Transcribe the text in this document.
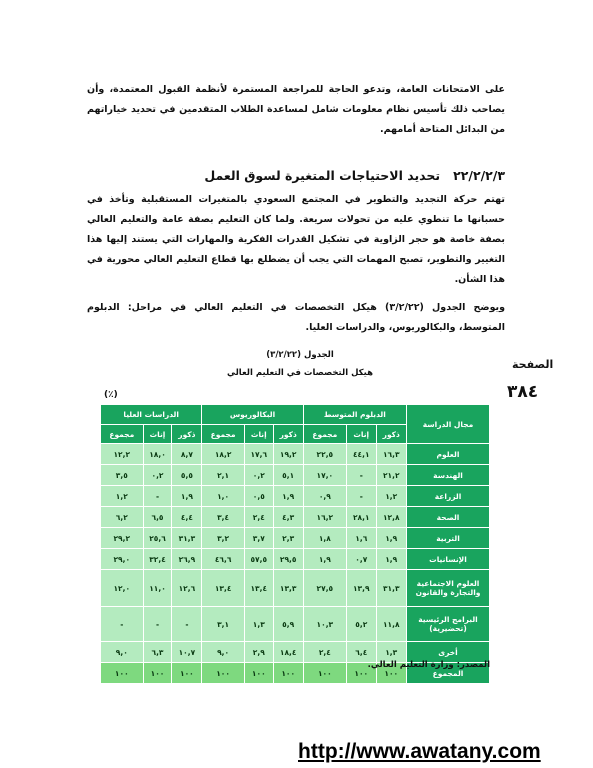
على الامتحانات العامة، وتدعو الحاجة للمراجعة المستمرة لأنظمة القبول المعتمدة، وأن يصاحب ذلك تأسيس نظام معلومات شامل لمساعدة الطلاب المتقدمين في تحديد خياراتهم من البدائل المتاحة أمامهم.
٢٢/٢/٢/٣   تحديد الاحتياجات المتغيرة لسوق العمل
تهتم حركة التجديد والتطوير في المجتمع السعودي بالمتغيرات المستقبلية وتأخذ في حسبانها ما تنطوي عليه من تحولات سريعة. ولما كان التعليم بصفة عامة والتعليم العالي بصفة خاصة هو حجر الزاوية في تشكيل القدرات الفكرية والمهارات التي يستند إليها هذا التغيير والتطوير، تصبح المهمات التي يجب أن يضطلع بها قطاع التعليم العالي محورية في هذا الشأن.
ويوضح الجدول (٣/٢/٢٢) هيكل التخصصات في التعليم العالي في مراحل: الدبلوم المتوسط، والبكالوريوس، والدراسات العليا.
الصفحة
٣٨٤
الجدول (٣/٢/٢٢)
هيكل التخصصات في التعليم العالي
(٪)
مجال الدراسة	الدبلوم المتوسط			البكالوريوس			الدراسات العليا		
	ذكور	إناث	مجموع	ذكور	إناث	مجموع	ذكور	إناث	مجموع
العلوم	١٦,٣	٤٤,١	٢٢,٥	١٩,٢	١٧,٦	١٨,٢	٨,٧	١٨,٠	١٢,٢
الهندسة	٢١,٢	-	١٧,٠	٥,١	٠,٢	٢,١	٥,٥	٠,٢	٣,٥
الزراعة	١,٢	-	٠,٩	١,٩	٠,٥	١,٠	١,٩	-	١,٢
الصحة	١٢,٨	٢٨,١	١٦,٢	٤,٣	٢,٤	٣,٤	٤,٤	٦,٥	٦,٢
التربية	١,٩	١,٦	١,٨	٢,٣	٣,٧	٣,٢	٣١,٣	٢٥,٦	٢٩,٢
الإنسانيات	١,٩	٠,٧	١,٩	٢٩,٥	٥٧,٥	٤٦,٦	٢٦,٩	٣٢,٤	٢٩,٠
العلوم الاجتماعية والتجارة والقانون	٣١,٣	١٣,٩	٢٧,٥	١٣,٣	١٣,٤	١٣,٤	١٢,٦	١١,٠	١٢,٠
البرامج الرئيسية (تحضيرية)	١١,٨	٥,٢	١٠,٣	٥,٩	١,٣	٣,١	-	-	-
أخرى	١,٣	٦,٤	٢,٤	١٨,٤	٢,٩	٩,٠	١٠,٧	٦,٣	٩,٠
المجموع	١٠٠	١٠٠	١٠٠	١٠٠	١٠٠	١٠٠	١٠٠	١٠٠	١٠٠
المصدر: وزارة التعليم العالي.
http://www.awatany.com
